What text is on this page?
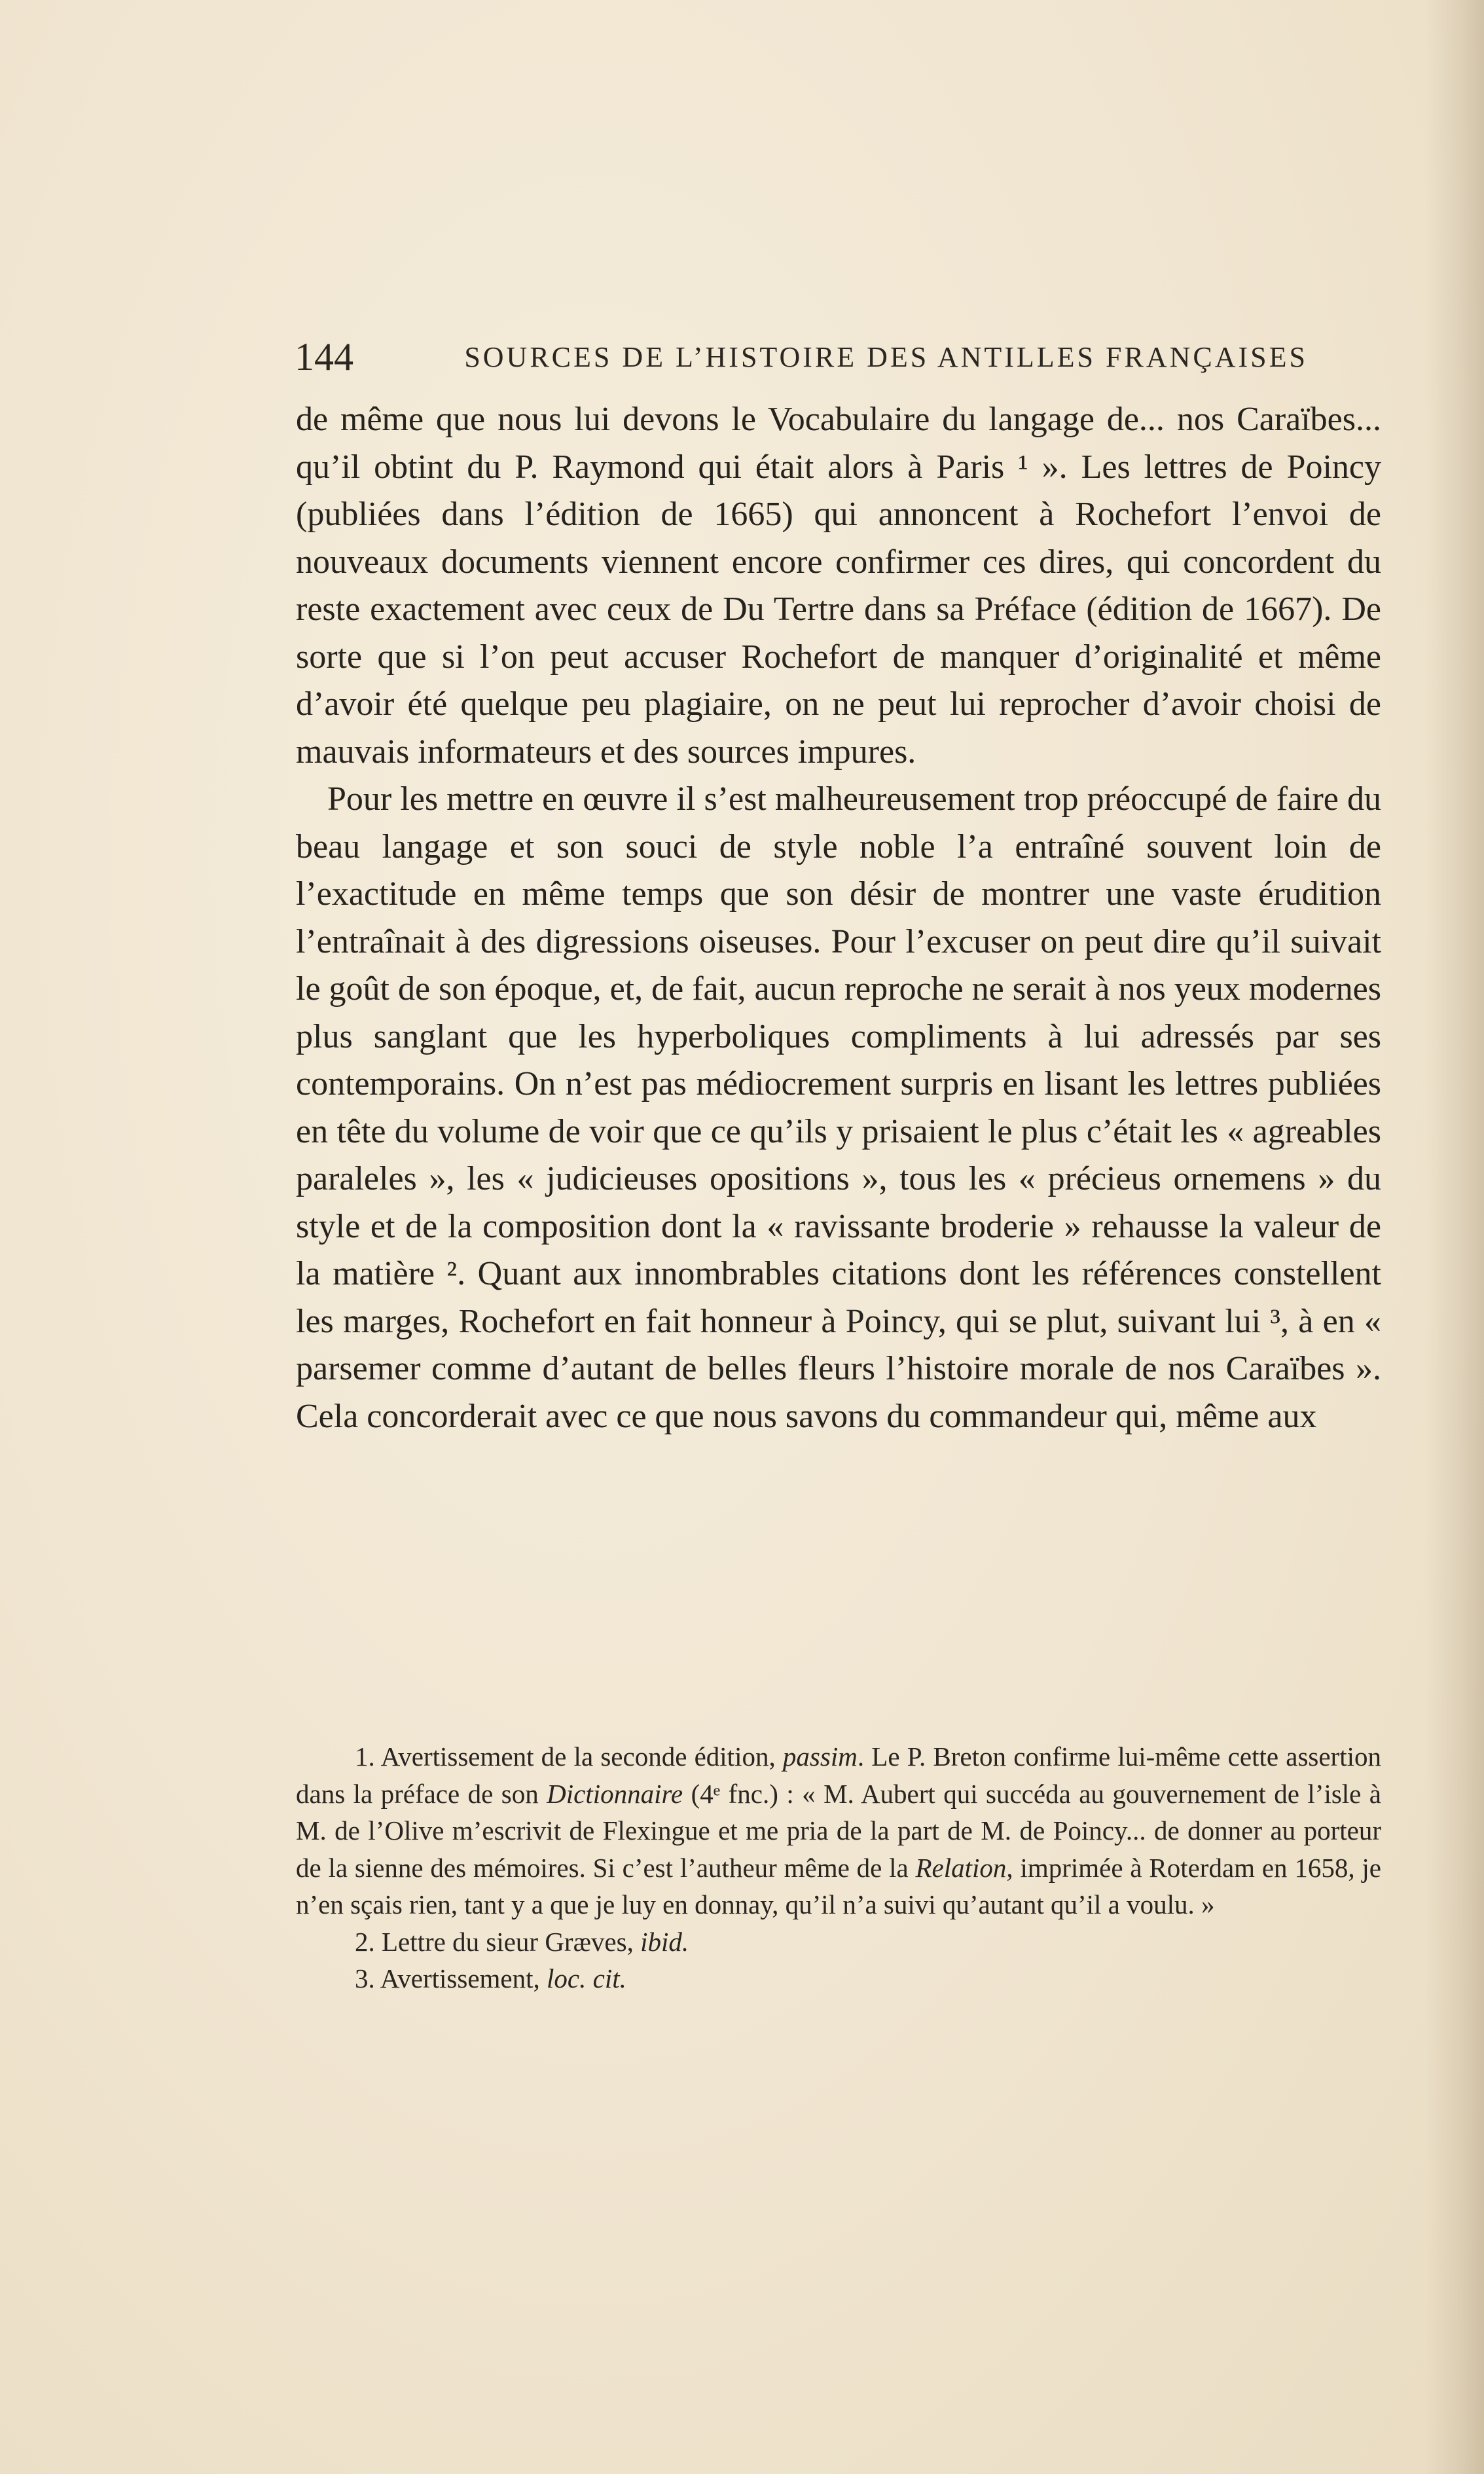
144	SOURCES DE L’HISTOIRE DES ANTILLES FRANÇAISES

de même que nous lui devons le Vocabulaire du langage de... nos Caraïbes... qu’il obtint du P. Raymond qui était alors à Paris ¹ ». Les lettres de Poincy (publiées dans l’édition de 1665) qui annoncent à Rochefort l’envoi de nouveaux documents viennent encore confirmer ces dires, qui concordent du reste exactement avec ceux de Du Tertre dans sa Préface (édition de 1667). De sorte que si l’on peut accuser Rochefort de manquer d’originalité et même d’avoir été quelque peu plagiaire, on ne peut lui reprocher d’avoir choisi de mauvais informateurs et des sources impures.

Pour les mettre en œuvre il s’est malheureusement trop préoccupé de faire du beau langage et son souci de style noble l’a entraîné souvent loin de l’exactitude en même temps que son désir de montrer une vaste érudition l’entraînait à des digressions oiseuses. Pour l’excuser on peut dire qu’il suivait le goût de son époque, et, de fait, aucun reproche ne serait à nos yeux modernes plus sanglant que les hyperboliques compliments à lui adressés par ses contemporains. On n’est pas médiocrement surpris en lisant les lettres publiées en tête du volume de voir que ce qu’ils y prisaient le plus c’était les « agreables paraleles », les « judicieuses opositions », tous les « précieus ornemens » du style et de la composition dont la « ravissante broderie » rehausse la valeur de la matière ². Quant aux innombrables citations dont les références constellent les marges, Rochefort en fait honneur à Poincy, qui se plut, suivant lui ³, à en « parsemer comme d’autant de belles fleurs l’histoire morale de nos Caraïbes ». Cela concorderait avec ce que nous savons du commandeur qui, même aux

1. Avertissement de la seconde édition, passim. Le P. Breton confirme lui-même cette assertion dans la préface de son Dictionnaire (4ᵉ fnc.) : « M. Aubert qui succéda au gouvernement de l’isle à M. de l’Olive m’escrivit de Flexingue et me pria de la part de M. de Poincy... de donner au porteur de la sienne des mémoires. Si c’est l’autheur même de la Relation, imprimée à Roterdam en 1658, je n’en sçais rien, tant y a que je luy en donnay, qu’il n’a suivi qu’autant qu’il a voulu. »

2. Lettre du sieur Græves, ibid.

3. Avertissement, loc. cit.
